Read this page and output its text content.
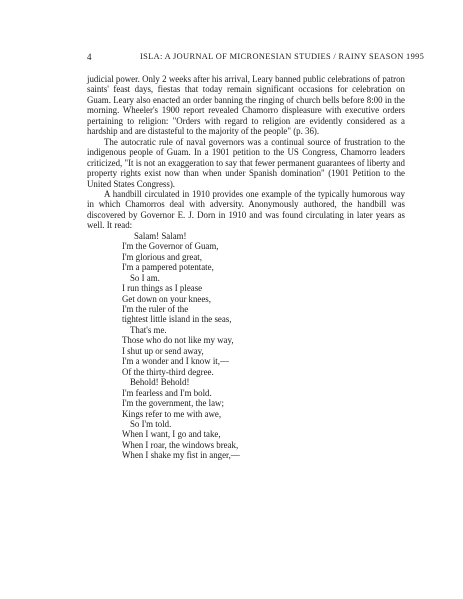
4	ISLA: A JOURNAL OF MICRONESIAN STUDIES / RAINY SEASON 1995

judicial power. Only 2 weeks after his arrival, Leary banned public celebrations of patron saints' feast days, fiestas that today remain significant occasions for celebration on Guam. Leary also enacted an order banning the ringing of church bells before 8:00 in the morning. Wheeler's 1900 report revealed Chamorro displeasure with executive orders pertaining to religion: "Orders with regard to religion are evidently considered as a hardship and are distasteful to the majority of the people" (p. 36).

The autocratic rule of naval governors was a continual source of frustration to the indigenous people of Guam. In a 1901 petition to the US Congress, Chamorro leaders criticized, "It is not an exaggeration to say that fewer permanent guarantees of liberty and property rights exist now than when under Spanish domination" (1901 Petition to the United States Congress).

A handbill circulated in 1910 provides one example of the typically humorous way in which Chamorros deal with adversity. Anonymously authored, the handbill was discovered by Governor E. J. Dorn in 1910 and was found circulating in later years as well. It read:

Salam! Salam!

I'm the Governor of Guam,

I'm glorious and great,

I'm a pampered potentate,

So I am.

I run things as I please

Get down on your knees,

I'm the ruler of the

tightest little island in the seas,

That's me.

Those who do not like my way,

I shut up or send away,

I'm a wonder and I know it,—

Of the thirty-third degree.

Behold! Behold!

I'm fearless and I'm bold.

I'm the government, the law;

Kings refer to me with awe,

So I'm told.

When I want, I go and take,

When I roar, the windows break,

When I shake my fist in anger,—
